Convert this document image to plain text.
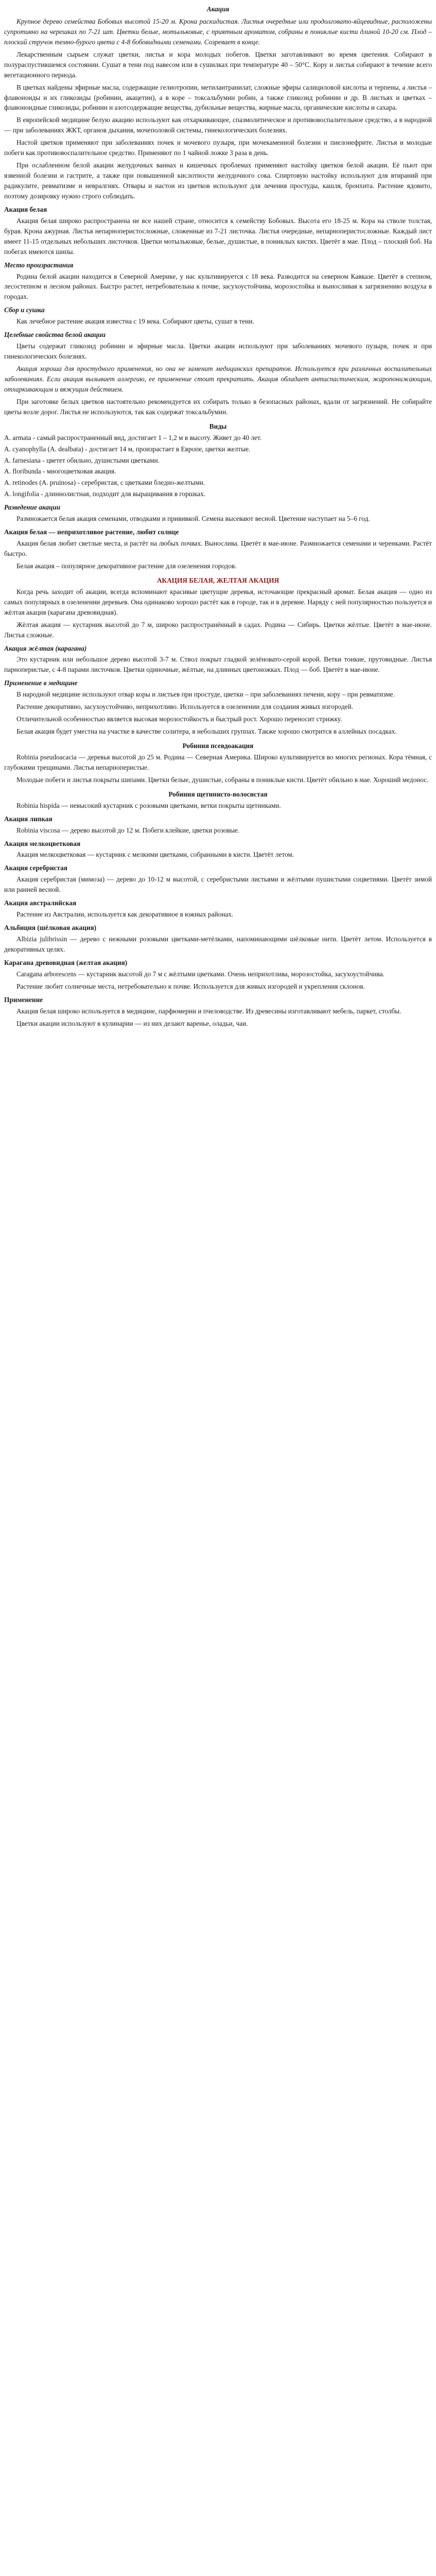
Акация

Крупное дерево семейства Бобовых высотой 15-20 м. Крона раскидистая. Листья очередные или продолговато-яйцевидные, расположены супротивно на черешках по 7-21 шт. Цветки белые, мотыльковые, с приятным ароматом, собраны в пониклые кисти длиной 10-20 см. Плод – плоский стручок темно-бурого цвета с 4-8 бобовидными семенами. Созревает в конце.

Лекарственным сырьем служат цветки, листья и кора молодых побегов. Цветки заготавливают во время цветения. Собирают в полураспустившемся состоянии. Сушат в тени под навесом или в сушилках при температуре 40 – 50°С. Кору и листья собирают в течение всего вегетационного периода.

В цветках найдены эфирные масла, содержащие гелиотропин, метилантранилат, сложные эфиры салициловой кислоты и терпены, а листья – флавоноиды и их гликозиды (робинин, акацетин), а в коре – токсальбумин робин, а также гликозид робинин и др. В листьях и цветках – флавоноидные гликозиды, робинин и азотсодержащие вещества, дубильные вещества, жирные масла, органические кислоты и сахара.

В европейской медицине белую акацию используют как отхаркивающее, спазмолитическое и противовоспалительное средство, а в народной — при заболеваниях ЖКТ, органов дыхания, мочеполовой системы, гинекологических болезнях.

Настой цветков применяют при заболеваниях почек и мочевого пузыря, при мочекаменной болезни и пиелонефрите. Листья и молодые побеги как противовоспалительное средство. Применяют по 1 чайной ложке 3 раза в день.

При ослабленном белой акации желудочных ваннах и кишечных проблемах применяют настойку цветков белой акации. Её пьют при язвенной болезни и гастрите, а также при повышенной кислотности желудочного сока. Спиртовую настойку используют для втираний при радикулите, ревматизме и невралгиях. Отвары и настои из цветков используют для лечения простуды, кашля, бронхита. Растение ядовито, поэтому дозировку нужно строго соблюдать.

Акация белая

Акация белая широко распространена не все нашей стране, относится к семейству Бобовых. Высота его 18-25 м. Кора на стволе толстая, бурая. Крона ажурная. Листья непарноперистосложные, сложенные из 7-21 листочка. Листья очередные, непарноперистосложные. Каждый лист имеет 11-15 отдельных небольших листочков. Цветки мотыльковые, белые, душистые, в пониклых кистях. Цветёт в мае. Плод – плоский боб. На побегах имеются шипы.

Место произрастания

Родина белой акации находится в Северной Америке, у нас культивируется с 18 века. Разводится на северном Кавказе. Цветёт в степном, лесостепном и лесном районах. Быстро растет, нетребовательна к почве, засухоустойчива, морозостойка и выносливая к загрязнению воздуха в городах.

Сбор и сушка

Как лечебное растение акация известна с 19 века. Собирают цветы, сушат в тени.

Целебные свойства белой акации

Цветы содержат гликозид робинин и эфирные масла. Цветки акации используют при заболеваниях мочевого пузыря, почек и при гинекологических болезнях.

Акация хороша для простудного применения, но она не заменит медицинских препаратов. Используется при различных воспалительных заболеваниях. Если акация вызывает аллергию, ее применение стоит прекратить. Акация обладает антиспастическим, жаропонижающим, отхаркивающим и вяжущим действием.

При заготовке белых цветков настоятельно рекомендуется их собирать только в безопасных районах, вдали от загрязнений. Не собирайте цветы возле дорог. Листья не используются, так как содержат токсальбумин.

Виды

A. armata - самый распространенный вид, достигает 1 – 1,2 м в высоту. Живет до 40 лет.

A. cyanophylla (A. dealbata) - достигает 14 м, произрастает в Европе, цветки желтые.

A. farnesiana - цветет обильно, душистыми цветками.

A. floribunda - многоцветковая акация.

A. retinodes (A. pruinosa) - серебристая, с цветками бледно-желтыми.

A. longifolia - длиннолистная, подходит для выращивания в горшках.

Разведение акации

Размножается белая акация семенами, отводками и прививкой. Семена высевают весной. Цветение наступает на 5–6 год.

Акация белая — неприхотливое растение, любит солнце

Акация белая любит светлые места, и растёт на любых почвах. Вынослива. Цветёт в мае-июне. Размножается семенами и черенками. Растёт быстро.

Белая акация – популярное декоративное растение для озеленения городов.

АКАЦИЯ БЕЛАЯ, ЖЕЛТАЯ АКАЦИЯ

Когда речь заходит об акации, всегда вспоминают красивые цветущие деревья, источающие прекрасный аромат. Белая акация — одно из самых популярных в озеленении деревьев. Она одинаково хорошо растёт как в городе, так и в деревне. Наряду с ней популярностью пользуется и жёлтая акация (карагана древовидная).

Жёлтая акация — кустарник высотой до 7 м, широко распространённый в садах. Родина — Сибирь. Цветки жёлтые. Цветёт в мае-июне. Листья сложные.

Акация жёлтая (карагана)

Это кустарник или небольшое дерево высотой 3-7 м. Ствол покрыт гладкой зелёновато-серой корой. Ветки тонкие, прутовидные. Листья парноперистые, с 4-8 парами листочков. Цветки одиночные, жёлтые, на длинных цветоножках. Плод — боб. Цветёт в мае-июне.

Применение в медицине

В народной медицине используют отвар коры и листьев при простуде, цветки – при заболеваниях печени, кору – при ревматизме.

Растение декоративно, засухоустойчиво, неприхотливо. Используется в озеленении для создания живых изгородей.

Отличительной особенностью является высокая морозостойкость и быстрый рост. Хорошо переносит стрижку.

Белая акация будет уместна на участке в качестве солитера, в небольших группах. Также хорошо смотрится в аллейных посадках.

Робиния псевдоакация

Robinia pseudoacacia — деревья высотой до 25 м. Родина — Северная Америка. Широко культивируется во многих регионах. Кора тёмная, с глубокими трещинами. Листья непарноперистые.

Молодые побеги и листья покрыты шипами. Цветки белые, душистые, собраны в пониклые кисти. Цветёт обильно в мае. Хороший медонос.

Робиния щетинисто-волосистая

Robinia hispida — невысокий кустарник с розовыми цветками, ветки покрыты щетинками.

Акация липкая

Robinia viscosa — дерево высотой до 12 м. Побеги клейкие, цветки розовые.

Акация мелкоцветковая

Акация мелкоцветковая — кустарник с мелкими цветками, собранными в кисти. Цветёт летом.

Акация серебристая

Акация серебристая (мимоза) — дерево до 10-12 м высотой, с серебристыми листьями и жёлтыми пушистыми соцветиями. Цветёт зимой или ранней весной.

Акация австралийская

Растение из Австралии, используется как декоративное в южных районах.

Альбиция (шёлковая акация)

Albizia julibrissin — дерево с нежными розовыми цветками-метёлками, напоминающими шёлковые нити. Цветёт летом. Используется в декоративных целях.

Карагана древовидная (желтая акация)

Caragana arborescens — кустарник высотой до 7 м с жёлтыми цветками. Очень неприхотлива, морозостойка, засухоустойчива.

Растение любит солнечные места, нетребовательно к почве. Используется для живых изгородей и укрепления склонов.

Применение

Акация белая широко используется в медицине, парфюмерии и пчеловодстве. Из древесины изготавливают мебель, паркет, столбы.

Цветки акации используют в кулинарии — из них делают варенье, оладьи, чаи.
